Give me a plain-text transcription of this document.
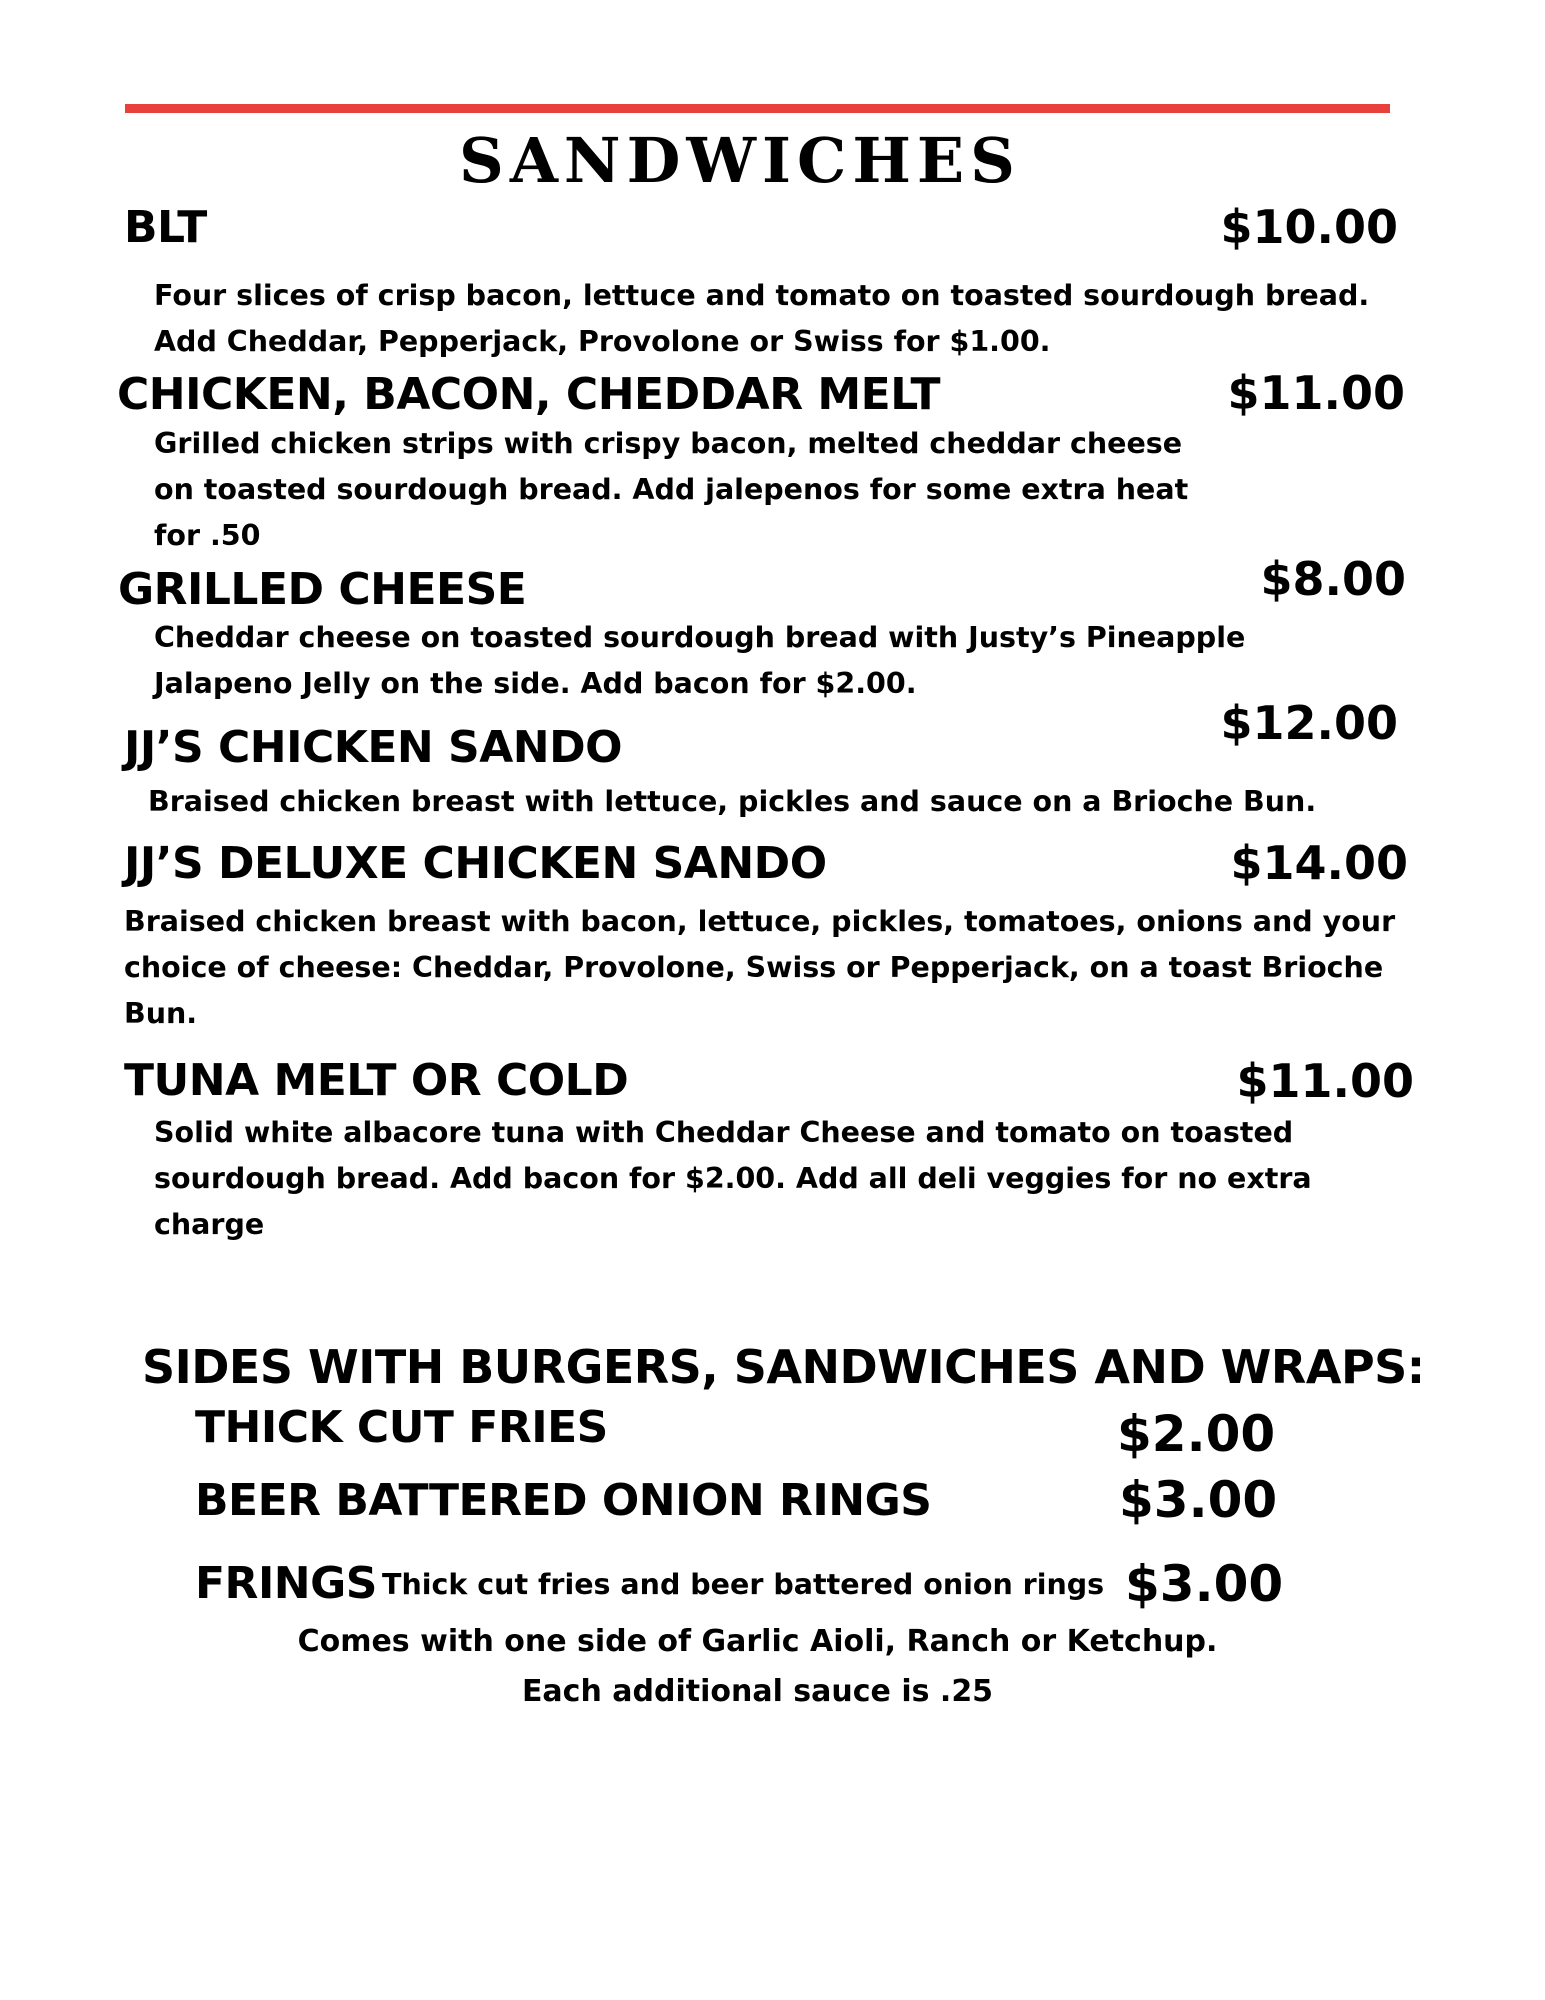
SANDWICHES
BLT	$10.00
Four slices of crisp bacon, lettuce and tomato on toasted sourdough bread.
Add Cheddar, Pepperjack, Provolone or Swiss for $1.00.
CHICKEN, BACON, CHEDDAR MELT	$11.00
Grilled chicken strips with crispy bacon, melted cheddar cheese
on toasted sourdough bread. Add jalepenos for some extra heat
for .50
GRILLED CHEESE	$8.00
Cheddar cheese on toasted sourdough bread with Justy’s Pineapple
Jalapeno Jelly on the side. Add bacon for $2.00.
JJ’S CHICKEN SANDO	$12.00
Braised chicken breast with lettuce, pickles and sauce on a Brioche Bun.
JJ’S DELUXE CHICKEN SANDO	$14.00
Braised chicken breast with bacon, lettuce, pickles, tomatoes, onions and your
choice of cheese: Cheddar, Provolone, Swiss or Pepperjack, on a toast Brioche
Bun.
TUNA MELT OR COLD	$11.00
Solid white albacore tuna with Cheddar Cheese and tomato on toasted
sourdough bread. Add bacon for $2.00. Add all deli veggies for no extra
charge
SIDES WITH BURGERS, SANDWICHES AND WRAPS:
THICK CUT FRIES	$2.00
BEER BATTERED ONION RINGS	$3.00
FRINGS Thick cut fries and beer battered onion rings $3.00
Comes with one side of Garlic Aioli, Ranch or Ketchup.
Each additional sauce is .25
